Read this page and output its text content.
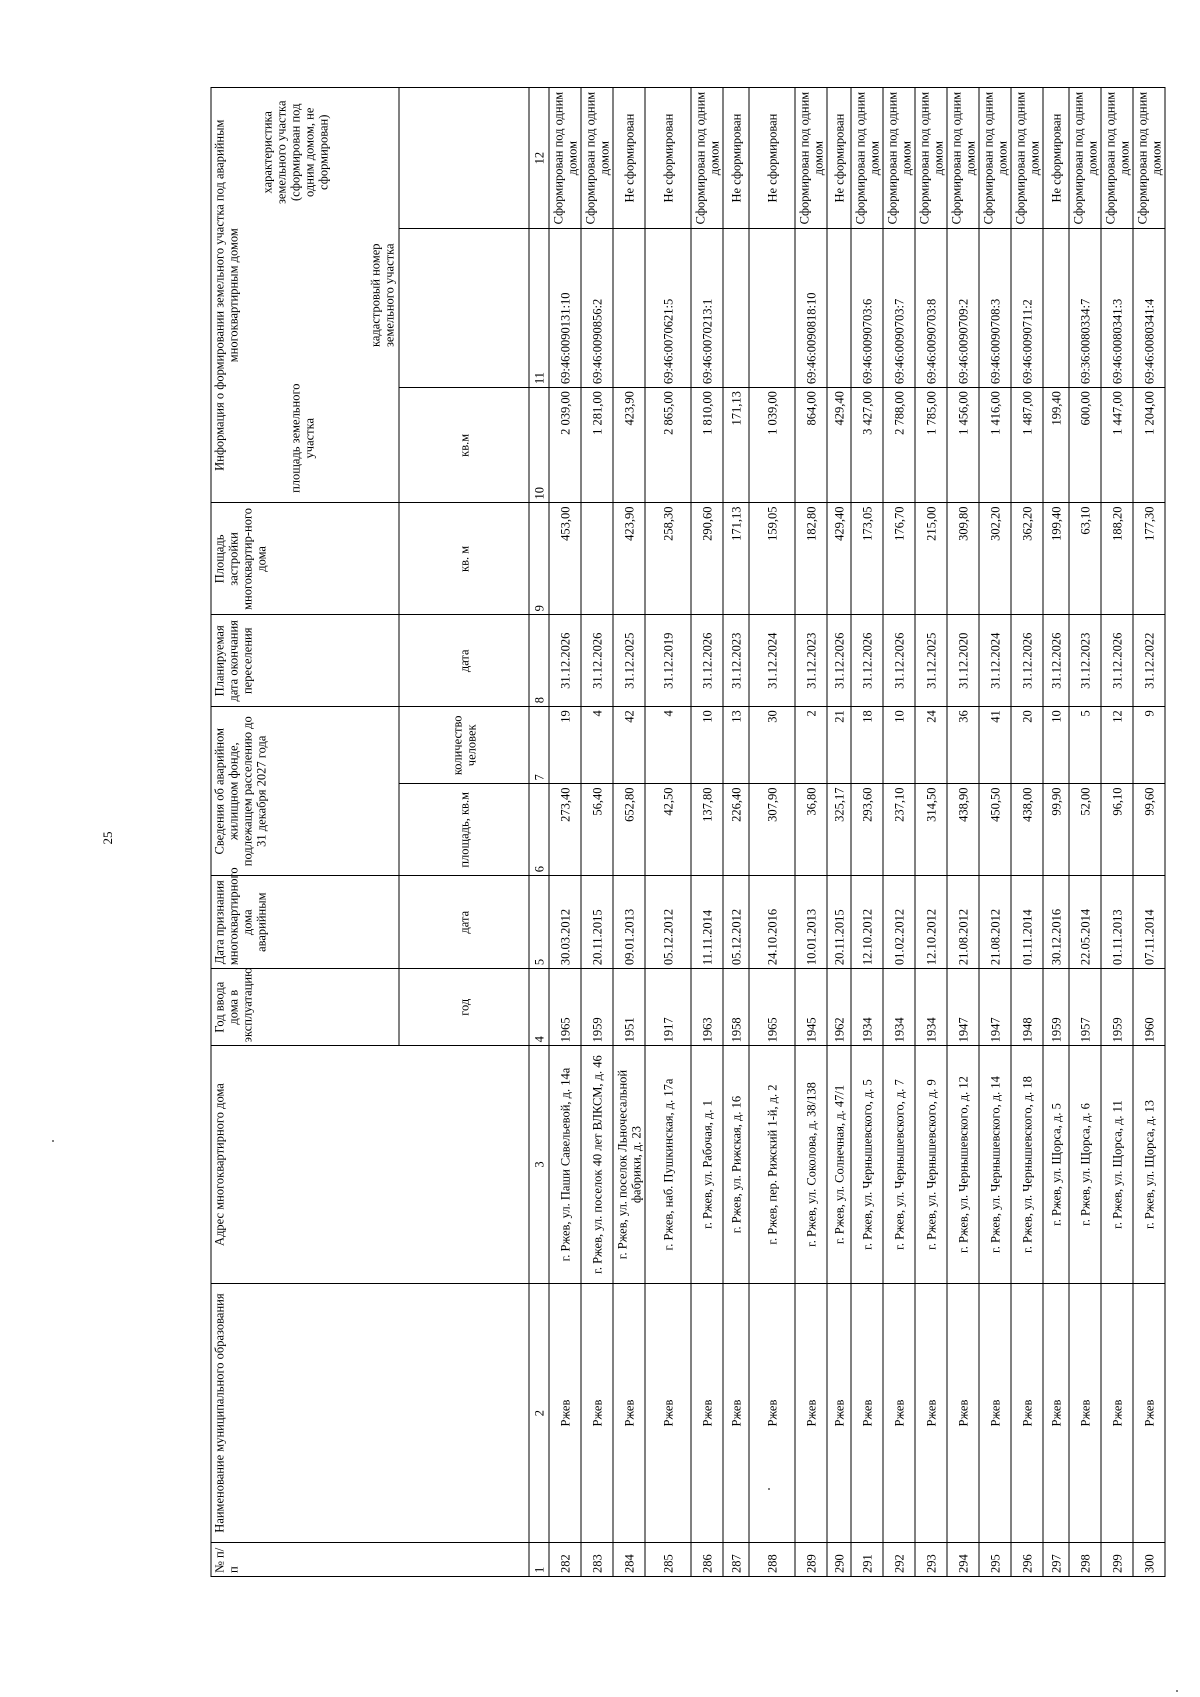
25
№ п/п	Наименование муниципального образования	Адрес многоквартирного дома	Год ввода дома в эксплуатацию	Дата признания многоквартирного дома аварийным	Сведения об аварийном жилищном фонде, подлежащем расселению до 31 декабря 2027 года	Планируемая дата окончания переселения	Площадь застройки многоквартир-ного дома	
Информация о формировании земельного участка под аварийным многоквартирным домом
площадь земельного участка	кадастровый номер земельного участка	характеристика земельного участка (сформирован под одним домом, не сформирован)

год	дата	площадь, кв.м	количество человек	дата	кв. м	кв.м		
1	2	3	4	5	6	7	8	9	10	11	12
282	Ржев	г. Ржев, ул. Паши Савельевой, д. 14а	1965	30.03.2012	273,40	19	31.12.2026	453,00	2 039,00	69:46:0090131:10	Сформирован под одним домом
283	Ржев	г. Ржев, ул. поселок 40 лет ВЛКСМ, д. 46	1959	20.11.2015	56,40	4	31.12.2026		1 281,00	69:46:0090856:2	Сформирован под одним домом
284	Ржев	г. Ржев, ул. поселок Льночесальной фабрики, д. 23	1951	09.01.2013	652,80	42	31.12.2025	423,90	423,90		Не сформирован
285	Ржев	г. Ржев, наб. Пушкинская, д. 17а	1917	05.12.2012	42,50	4	31.12.2019	258,30	2 865,00	69:46:0070621:5	Не сформирован
286	Ржев	г. Ржев, ул. Рабочая, д. 1	1963	11.11.2014	137,80	10	31.12.2026	290,60	1 810,00	69:46:0070213:1	Сформирован под одним домом
287	Ржев	г. Ржев, ул. Рижская, д. 16	1958	05.12.2012	226,40	13	31.12.2023	171,13	171,13		Не сформирован
288	Ржев	г. Ржев, пер. Рижский 1-й, д. 2	1965	24.10.2016	307,90	30	31.12.2024	159,05	1 039,00		Не сформирован
289	Ржев	г. Ржев, ул. Соколова, д. 38/138	1945	10.01.2013	36,80	2	31.12.2023	182,80	864,00	69:46:0090818:10	Сформирован под одним домом
290	Ржев	г. Ржев, ул. Солнечная, д. 47/1	1962	20.11.2015	325,17	21	31.12.2026	429,40	429,40		Не сформирован
291	Ржев	г. Ржев, ул. Чернышевского, д. 5	1934	12.10.2012	293,60	18	31.12.2026	173,05	3 427,00	69:46:0090703:6	Сформирован под одним домом
292	Ржев	г. Ржев, ул. Чернышевского, д. 7	1934	01.02.2012	237,10	10	31.12.2026	176,70	2 788,00	69:46:0090703:7	Сформирован под одним домом
293	Ржев	г. Ржев, ул. Чернышевского, д. 9	1934	12.10.2012	314,50	24	31.12.2025	215,00	1 785,00	69:46:0090703:8	Сформирован под одним домом
294	Ржев	г. Ржев, ул. Чернышевского, д. 12	1947	21.08.2012	438,90	36	31.12.2020	309,80	1 456,00	69:46:0090709:2	Сформирован под одним домом
295	Ржев	г. Ржев, ул. Чернышевского, д. 14	1947	21.08.2012	450,50	41	31.12.2024	302,20	1 416,00	69:46:0090708:3	Сформирован под одним домом
296	Ржев	г. Ржев, ул. Чернышевского, д. 18	1948	01.11.2014	438,00	20	31.12.2026	362,20	1 487,00	69:46:0090711:2	Сформирован под одним домом
297	Ржев	г. Ржев, ул. Щорса, д. 5	1959	30.12.2016	99,90	10	31.12.2026	199,40	199,40		Не сформирован
298	Ржев	г. Ржев, ул. Щорса, д. 6	1957	22.05.2014	52,00	5	31.12.2023	63,10	600,00	69:36:0080334:7	Сформирован под одним домом
299	Ржев	г. Ржев, ул. Щорса, д. 11	1959	01.11.2013	96,10	12	31.12.2026	188,20	1 447,00	69:46:0080341:3	Сформирован под одним домом
300	Ржев	г. Ржев, ул. Щорса, д. 13	1960	07.11.2014	99,60	9	31.12.2022	177,30	1 204,00	69:46:0080341:4	Сформирован под одним домом
